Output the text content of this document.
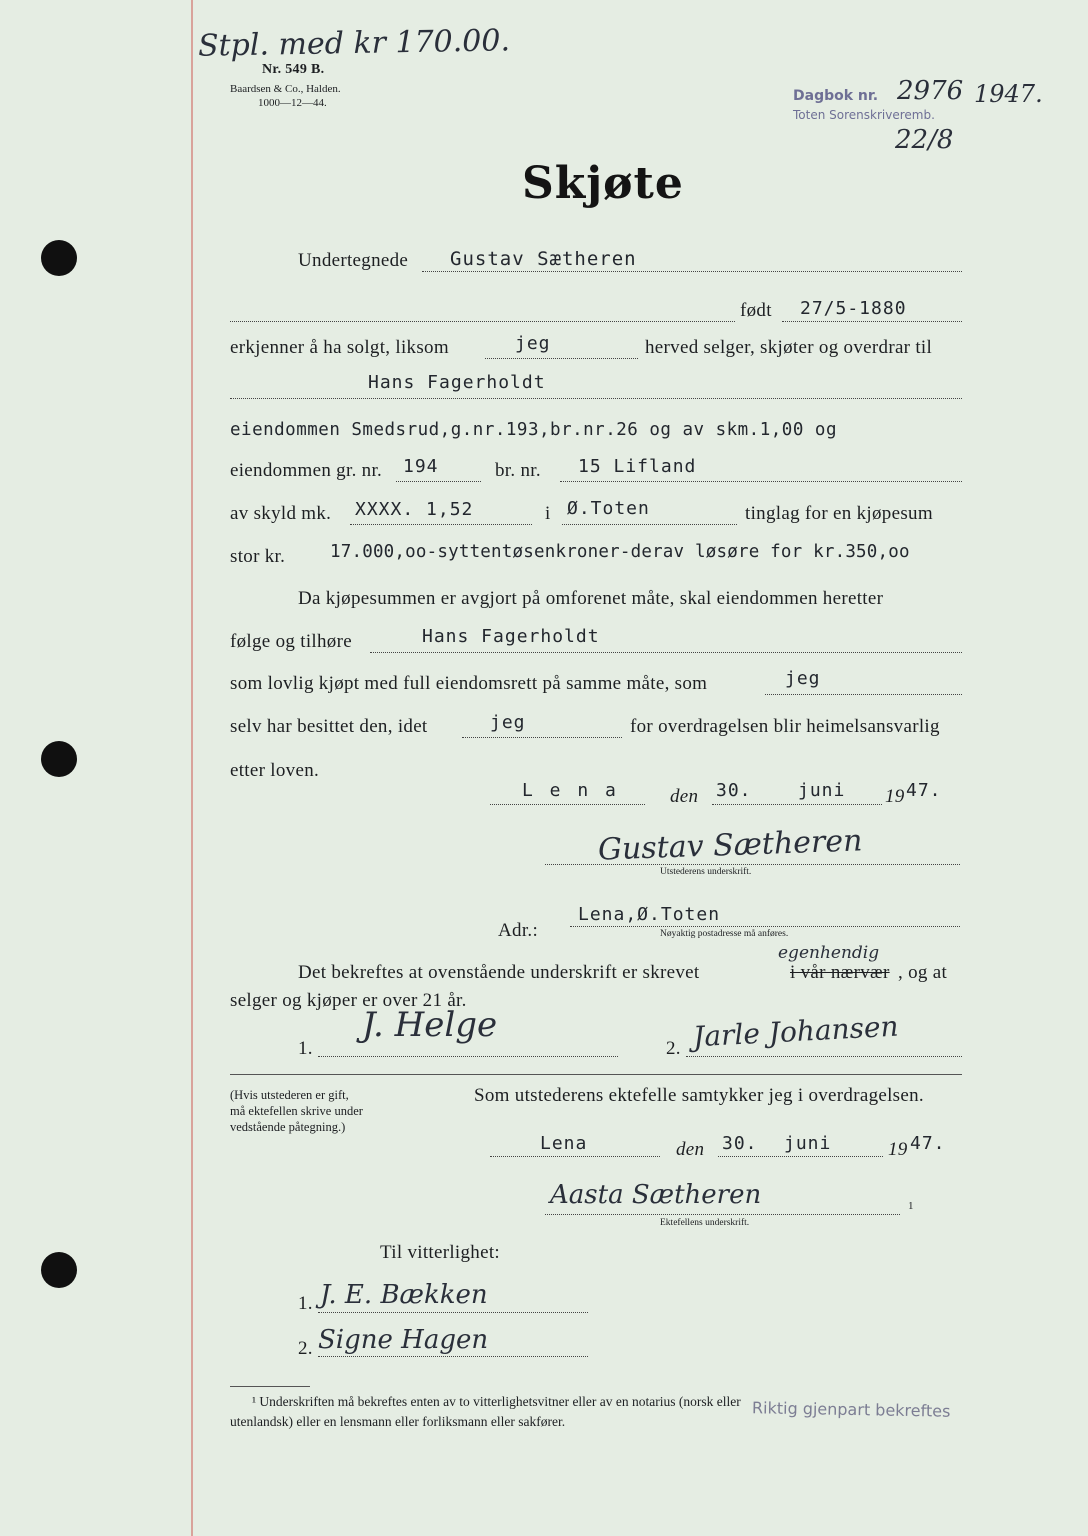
Stpl. med kr 170.00.
Nr. 549 B.
Baardsen & Co., Halden.
1000—12—44.	Dagbok nr. 2976 1947.
Toten Sorenskriveremb.
22/8
Skjøte
Undertegnede Gustav Sætheren
født 27/5-1880
erkjenner å ha solgt, liksom	jeg	herved selger, skjøter og overdrar til
Hans Fagerholdt
eiendommen Smedsrud,g.nr.193,br.nr.26 og av skm.1,00 og
eiendommen gr. nr. 194	br. nr. 15 Lifland
av skyld mk. XXXX. 1,52	i Ø.Toten	tinglag for en kjøpesum
stor kr.	17.000,oo-syttentøsenkroner-derav løsøre for kr.350,oo
Da kjøpesummen er avgjort på omforenet måte, skal eiendommen heretter
følge og tilhøre	Hans Fagerholdt
som lovlig kjøpt med full eiendomsrett på samme måte, som	jeg
selv har besittet den, idet	jeg	for overdragelsen blir heimelsansvarlig
etter loven.
L e n a	den 30.	juni 19 47.
Gustav Sætheren
Utstederens underskrift.
Adr.:
Lena,Ø.Toten
Nøyaktig postadresse må anføres.
Det bekreftes at ovenstående underskrift er skrevet
egenhendig
i vår nærvær , og at
selger og kjøper er over 21 år.
1.
J. Helge
2. Jarle Johansen
(Hvis utstederen er gift,
må ektefellen skrive under
vedstående påtegning.)
Som utstederens ektefelle samtykker jeg i overdragelsen.
Lena	den 30. juni	19 47.
Aasta Sætheren	1
Ektefellens underskrift.
Til vitterlighet:
1. J. E. Bækken
2. Signe Hagen
¹ Underskriften må bekreftes enten av to vitterlighetsvitner eller av en notarius (norsk eller
utenlandsk) eller en lensmann eller forliksmann eller sakfører.
Riktig gjenpart bekreftes
